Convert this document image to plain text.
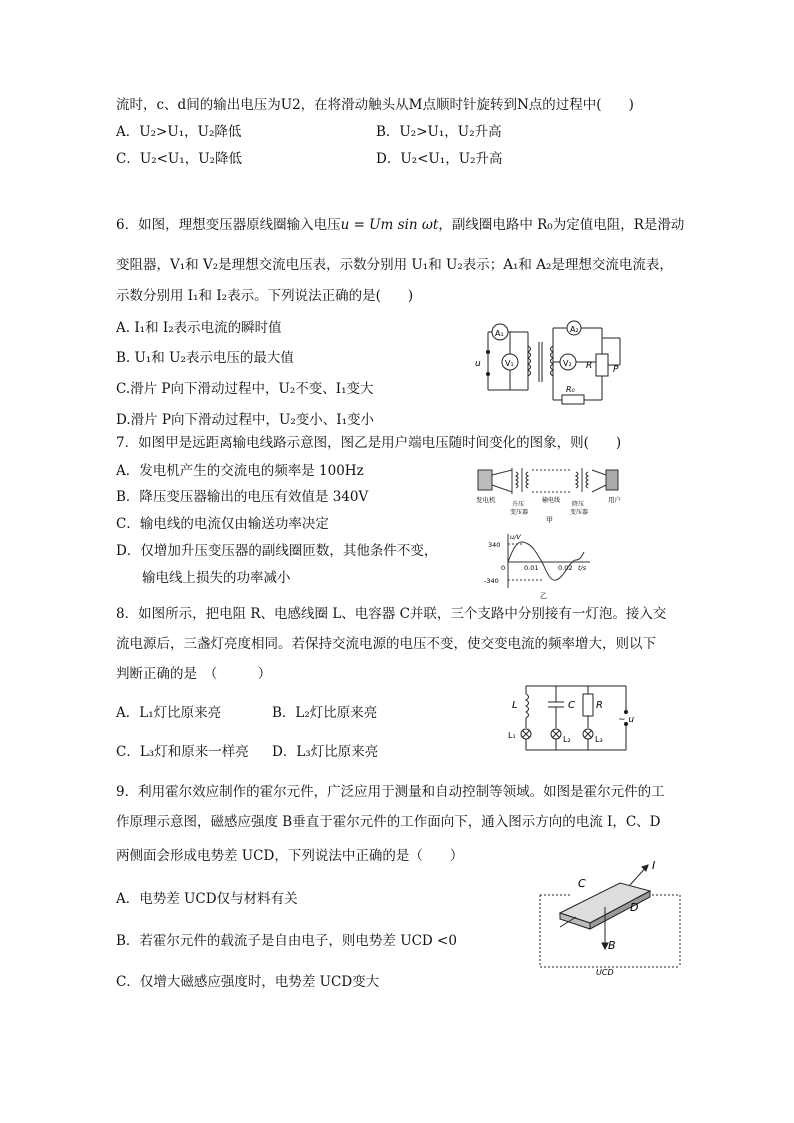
流时，c、d间的输出电压为U2，在将滑动触头从M点顺时针旋转到N点的过程中(　　)
A．U₂>U₁，U₂降低	B．U₂>U₁，U₂升高
C．U₂<U₁，U₂降低	D．U₂<U₁，U₂升高
6．如图，理想变压器原线圈输入电压u = Um sin ωt，副线圈电路中 R₀为定值电阻，R是滑动
变阻器，V₁和 V₂是理想交流电压表，示数分别用 U₁和 U₂表示；A₁和 A₂是理想交流电流表，
示数分别用 I₁和 I₂表示。下列说法正确的是(　　)
A. I₁和 I₂表示电流的瞬时值
B. U₁和 U₂表示电压的最大值
C.滑片 P向下滑动过程中，U₂不变、I₁变大
D.滑片 P向下滑动过程中，U₂变小、I₁变小
A₁	A₂
V₁	V₂
u	R P
R₀
7．如图甲是远距离输电线路示意图，图乙是用户端电压随时间变化的图象，则(　　)
A．发电机产生的交流电的频率是 100Hz
B．降压变压器输出的电压有效值是 340V
C．输电线的电流仅由输送功率决定
D．仅增加升压变压器的副线圈匝数，其他条件不变，
输电线上损失的功率减小
发电机
升压
变压器
输电线
降压
变压器
用户
甲
u/V
340
-340
0	0.01	0.02 t/s
乙
8．如图所示，把电阻 R、电感线圈 L、电容器 C并联，三个支路中分别接有一灯泡。接入交
流电源后，三盏灯亮度相同。若保持交流电源的电压不变，使交变电流的频率增大，则以下
判断正确的是　（　　　）
A．L₁灯比原来亮	B．L₂灯比原来亮
C．L₃灯和原来一样亮 D．L₃灯比原来亮
L	C R
~ u
L₁	L₂	L₃
9．利用霍尔效应制作的霍尔元件，广泛应用于测量和自动控制等领域。如图是霍尔元件的工
作原理示意图，磁感应强度 B垂直于霍尔元件的工作面向下，通入图示方向的电流 I，C、D
两侧面会形成电势差 UCD，下列说法中正确的是（　　）
A．电势差 UCD仅与材料有关
B．若霍尔元件的载流子是自由电子，则电势差 UCD <0
C．仅增大磁感应强度时，电势差 UCD变大
I
C
D
B
UCD
